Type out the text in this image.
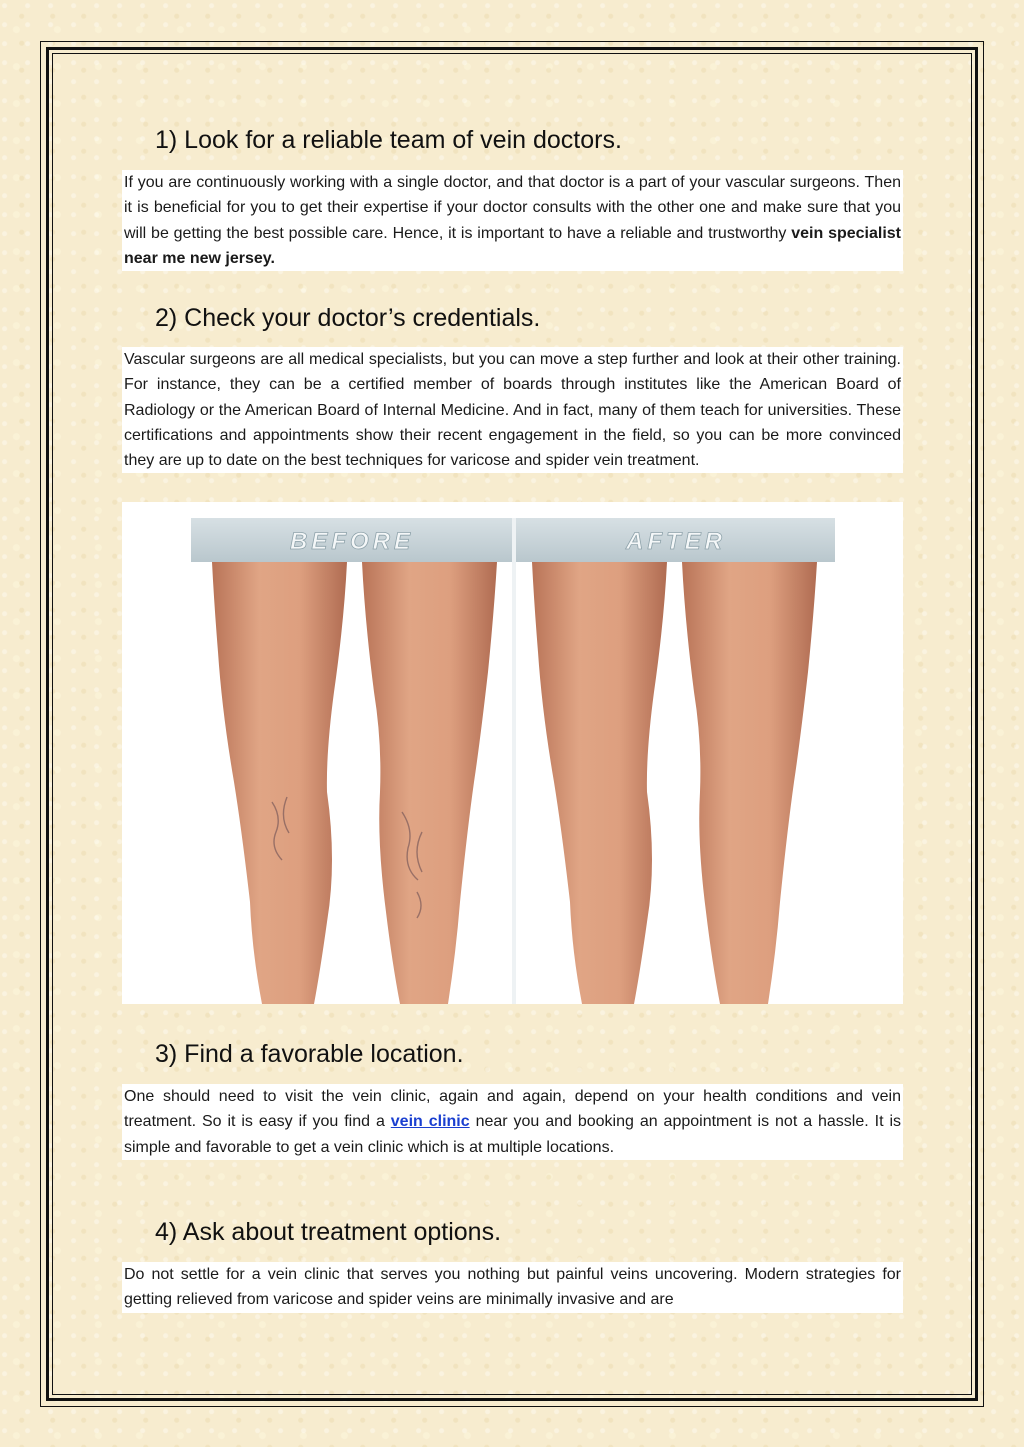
1) Look for a reliable team of vein doctors.

If you are continuously working with a single doctor, and that doctor is a part of your vascular surgeons. Then it is beneficial for you to get their expertise if your doctor consults with the other one and make sure that you will be getting the best possible care. Hence, it is important to have a reliable and trustworthy vein specialist near me new jersey.

2) Check your doctor’s credentials.

Vascular surgeons are all medical specialists, but you can move a step further and look at their other training. For instance, they can be a certified member of boards through institutes like the American Board of Radiology or the American Board of Internal Medicine. And in fact, many of them teach for universities. These certifications and appointments show their recent engagement in the field, so you can be more convinced they are up to date on the best techniques for varicose and spider vein treatment.

BEFORE	AFTER
3) Find a favorable location.

One should need to visit the vein clinic, again and again, depend on your health conditions and vein treatment. So it is easy if you find a vein clinic near you and booking an appointment is not a hassle. It is simple and favorable to get a vein clinic which is at multiple locations.

4) Ask about treatment options.

Do not settle for a vein clinic that serves you nothing but painful veins uncovering. Modern strategies for getting relieved from varicose and spider veins are minimally invasive and are
